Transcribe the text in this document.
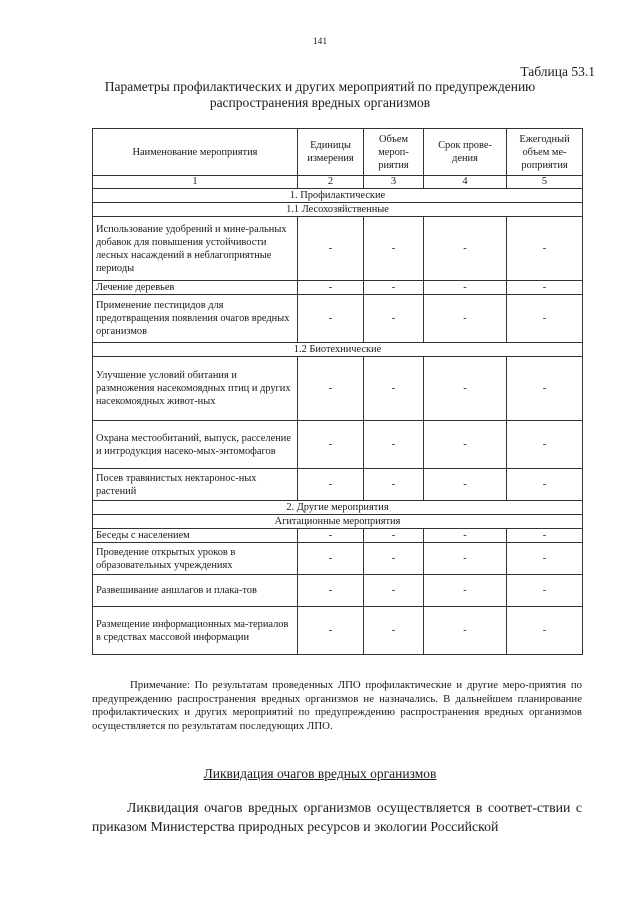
141
Таблица 53.1
Параметры профилактических и других мероприятий по предупреждению распространения вредных организмов
Наименование мероприятия	Единицы измерения	Объем мероп-риятия	Срок прове-дения	Ежегодный объем ме-роприятия
1	2	3	4	5
1. Профилактические				
1.1 Лесохозяйственные				
Использование удобрений и мине-ральных добавок для повышения устойчивости лесных насаждений в неблагоприятные периоды	-	-	-	-
Лечение деревьев	-	-	-	-
Применение пестицидов для предотвращения появления очагов вредных организмов	-	-	-	-
1.2 Биотехнические				
Улучшение условий обитания и размножения насекомоядных птиц и других насекомоядных живот-ных	-	-	-	-
Охрана местообитаний, выпуск, расселение и интродукция насеко-мых-энтомофагов	-	-	-	-
Посев травянистых нектаронос-ных растений	-	-	-	-
2. Другие мероприятия				
Агитационные мероприятия				
Беседы с населением	-	-	-	-
Проведение открытых уроков в образовательных учреждениях	-	-	-	-
Развешивание аншлагов и плака-тов	-	-	-	-
Размещение информационных ма-териалов в средствах массовой информации	-	-	-	-
Примечание: По результатам проведенных ЛПО профилактические и другие меро-приятия по предупреждению распространения вредных организмов не назначались. В дальнейшем планирование профилактических и других мероприятий по предупреждению распространения вредных организмов осуществляется по результатам последующих ЛПО.
Ликвидация очагов вредных организмов
Ликвидация очагов вредных организмов осуществляется в соответ-ствии с приказом Министерства природных ресурсов и экологии Российской
